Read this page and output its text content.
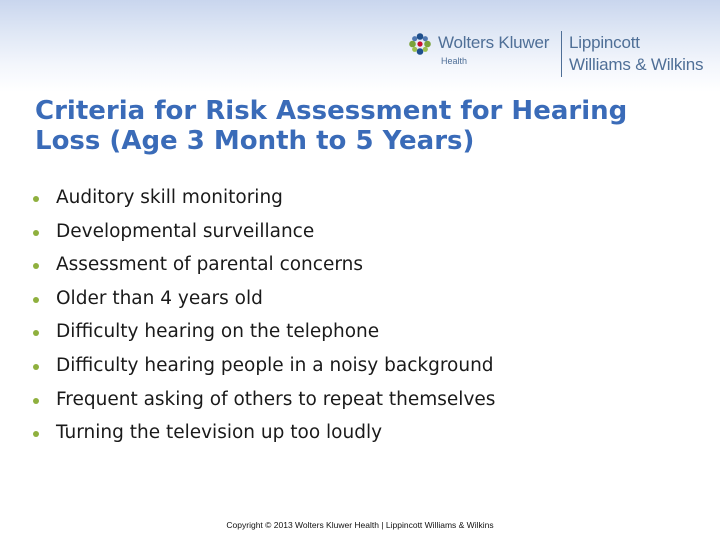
Wolters Kluwer
Health
Lippincott
Williams & Wilkins
Criteria for Risk Assessment for Hearing
Loss (Age 3 Month to 5 Years)
Auditory skill monitoring
Developmental surveillance
Assessment of parental concerns
Older than 4 years old
Difficulty hearing on the telephone
Difficulty hearing people in a noisy background
Frequent asking of others to repeat themselves
Turning the television up too loudly
Copyright © 2013 Wolters Kluwer Health | Lippincott Williams & Wilkins
